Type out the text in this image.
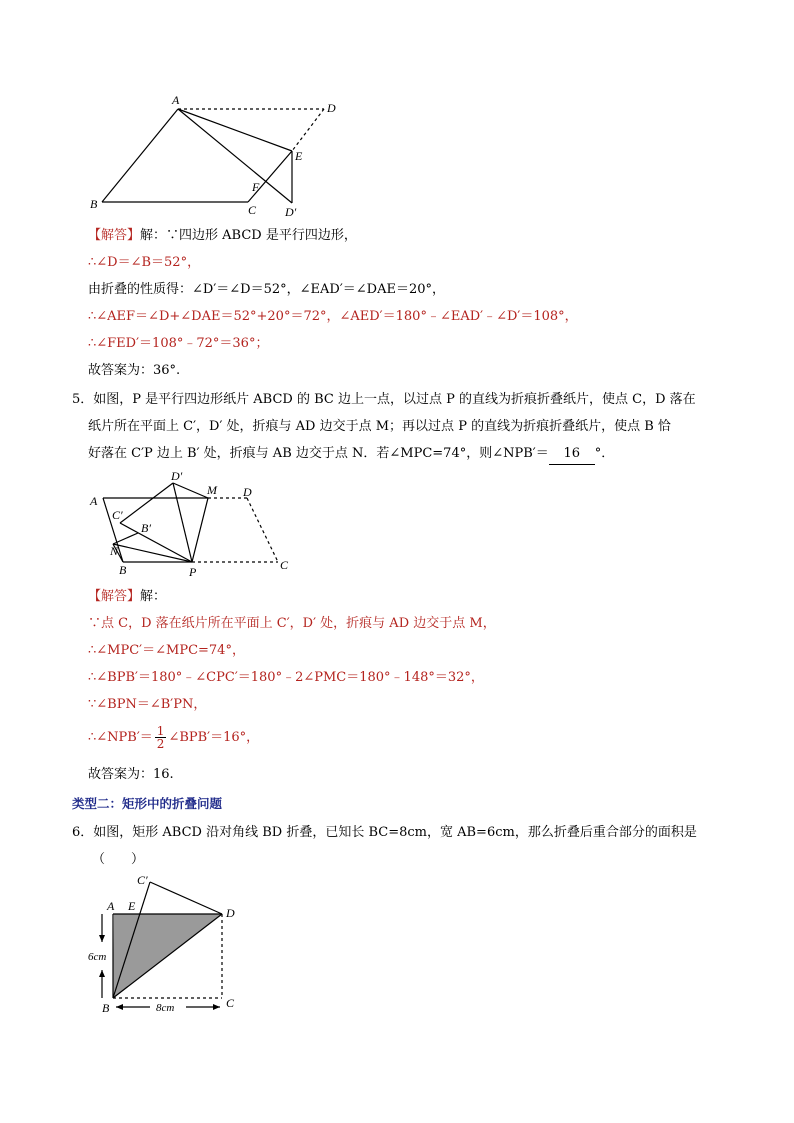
A
D
E
F
B	C D′
【解答】解：∵四边形 ABCD 是平行四边形，
∴∠D＝∠B＝52°，
由折叠的性质得：∠D′＝∠D＝52°，∠EAD′＝∠DAE＝20°，
∴∠AEF＝∠D+∠DAE＝52°+20°＝72°，∠AED′＝180°﹣∠EAD′﹣∠D′＝108°，
∴∠FED′＝108°﹣72°＝36°；
故答案为：36°.
5．如图，P 是平行四边形纸片 ABCD 的 BC 边上一点，以过点 P 的直线为折痕折叠纸片，使点 C，D 落在
纸片所在平面上 C′，D′ 处，折痕与 AD 边交于点 M；再以过点 P 的直线为折痕折叠纸片，使点 B 恰
好落在 C′P 边上 B′ 处，折痕与 AB 边交于点 N．若∠MPC=74°，则∠NPB′＝ 16 °．
A
D′
M D
C′
B′
N
B	P	C
【解答】解：
∵点 C，D 落在纸片所在平面上 C′，D′ 处，折痕与 AD 边交于点 M，
∴∠MPC′＝∠MPC=74°，
∴∠BPB′＝180°﹣∠CPC′＝180°﹣2∠PMC＝180°﹣148°＝32°，
∵∠BPN＝∠B′PN，
∴∠NPB′＝ $\frac{1}{2}$ ∠BPB′＝16°，
故答案为：16.
类型二：矩形中的折叠问题
6．如图，矩形 ABCD 沿对角线 BD 折叠，已知长 BC=8cm，宽 AB=6cm，那么折叠后重合部分的面积是
（　　）
C′
A E	D
B	C
6cm
8cm
